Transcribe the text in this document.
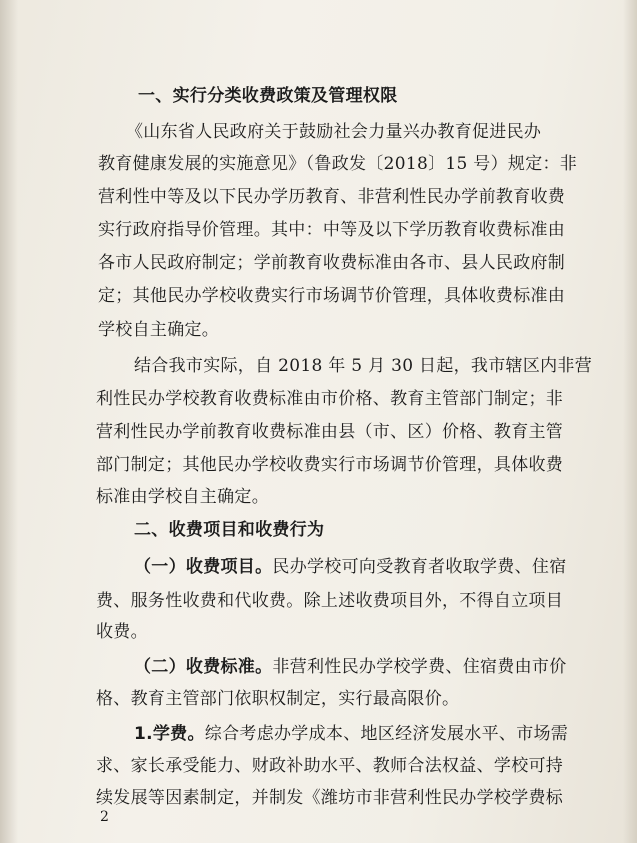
一、实行分类收费政策及管理权限
《山东省人民政府关于鼓励社会力量兴办教育促进民办
教育健康发展的实施意见》（鲁政发〔2018〕15 号）规定：非
营利性中等及以下民办学历教育、非营利性民办学前教育收费
实行政府指导价管理。其中：中等及以下学历教育收费标准由
各市人民政府制定；学前教育收费标准由各市、县人民政府制
定；其他民办学校收费实行市场调节价管理，具体收费标准由
学校自主确定。
结合我市实际，自 2018 年 5 月 30 日起，我市辖区内非营
利性民办学校教育收费标准由市价格、教育主管部门制定；非
营利性民办学前教育收费标准由县（市、区）价格、教育主管
部门制定；其他民办学校收费实行市场调节价管理，具体收费
标准由学校自主确定。
二、收费项目和收费行为
（一）收费项目。民办学校可向受教育者收取学费、住宿
费、服务性收费和代收费。除上述收费项目外，不得自立项目
收费。
（二）收费标准。非营利性民办学校学费、住宿费由市价
格、教育主管部门依职权制定，实行最高限价。
1.学费。综合考虑办学成本、地区经济发展水平、市场需
求、家长承受能力、财政补助水平、教师合法权益、学校可持
续发展等因素制定，并制发《潍坊市非营利性民办学校学费标
2
